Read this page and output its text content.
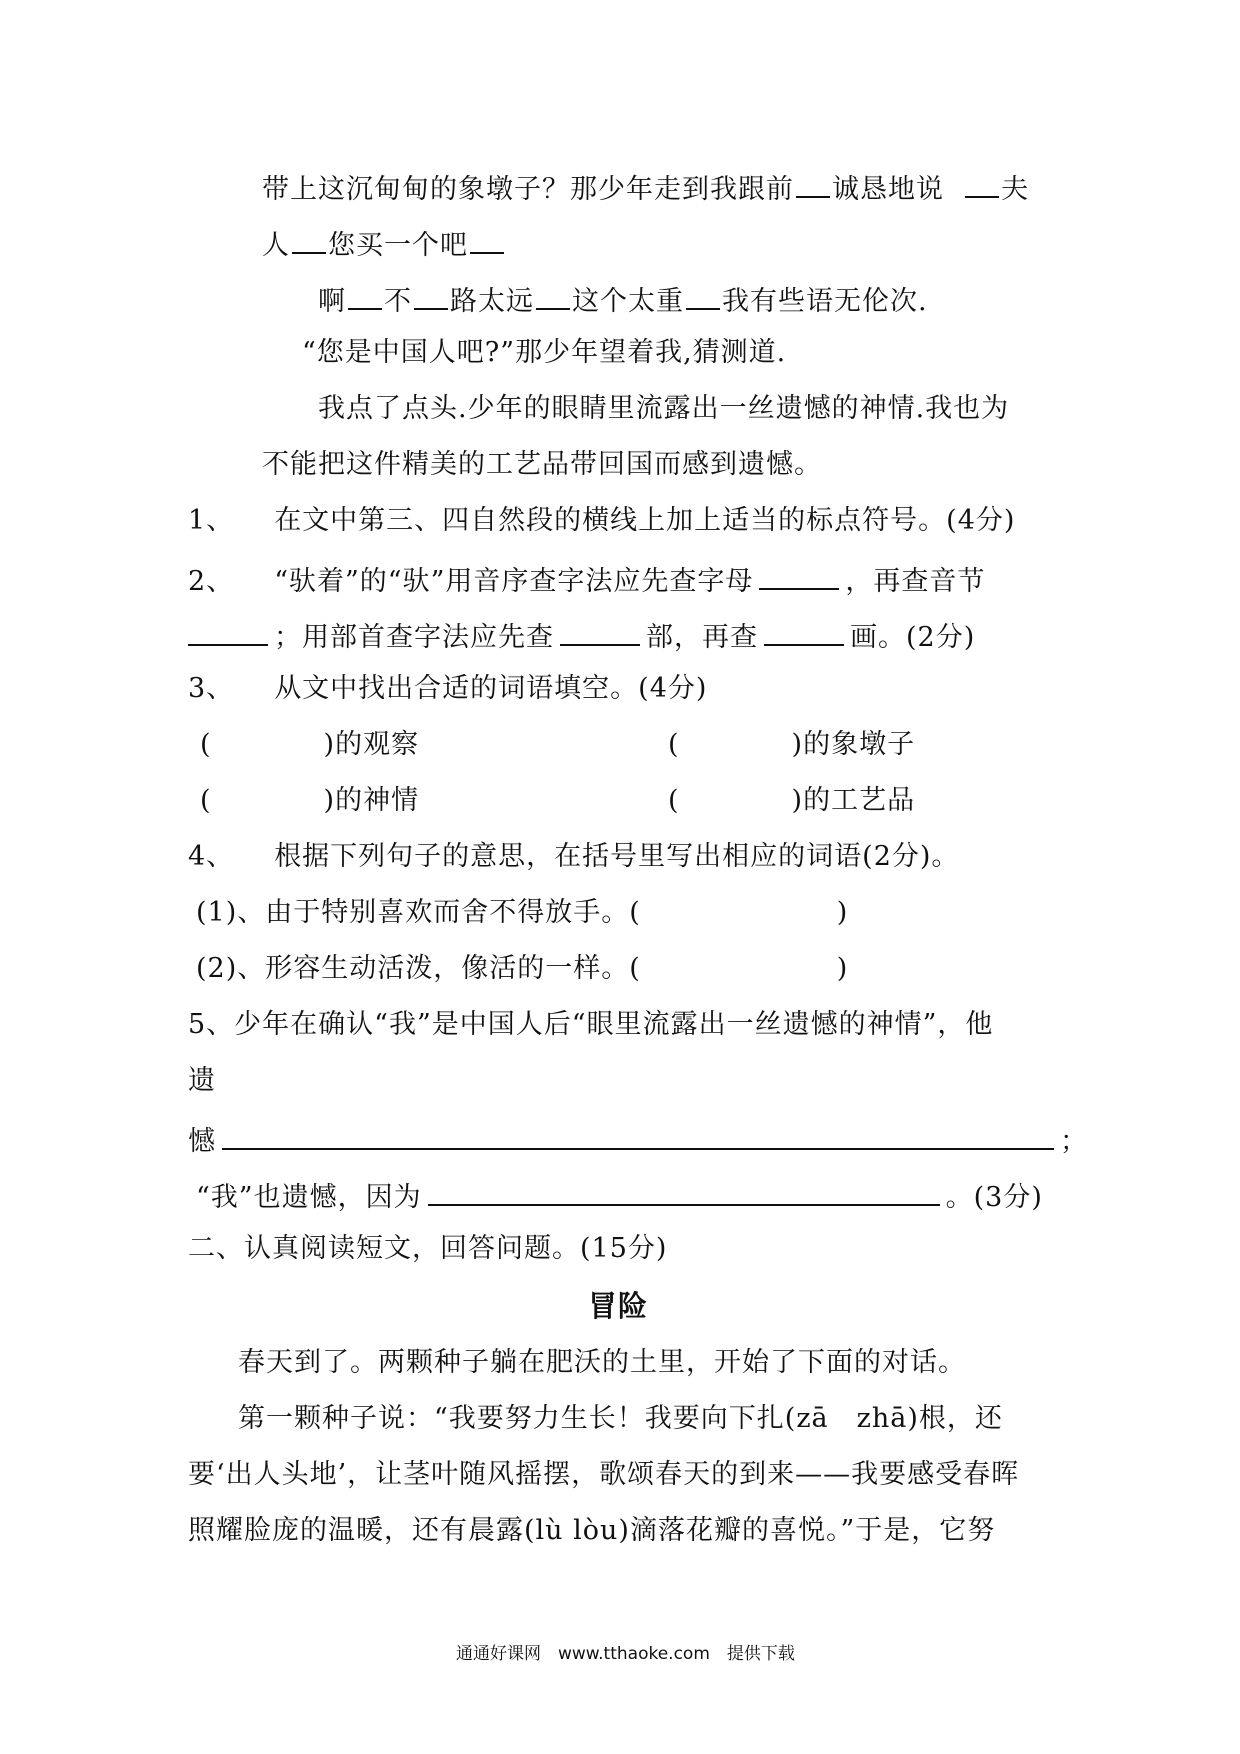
带上这沉甸甸的象墩子？那少年走到我跟前 诚恳地说 夫
人 您买一个吧
啊 不 路太远 这个太重 我有些语无伦次.
“您是中国人吧?”那少年望着我,猜测道.
我点了点头.少年的眼睛里流露出一丝遗憾的神情.我也为
不能把这件精美的工艺品带回国而感到遗憾。
1、 在文中第三、四自然段的横线上加上适当的标点符号。(4分)
2、 “驮着”的“驮”用音序查字法应先查字母	，再查音节
；用部首查字法应先查	部，再查	画。(2分)
3、 从文中找出合适的词语填空。(4分)
(　　　　)的观察	(　　　　)的象墩子
(　　　　)的神情	(　　　　)的工艺品
4、 根据下列句子的意思，在括号里写出相应的词语(2分)。
(1)、由于特别喜欢而舍不得放手。(　　　　　　　)
(2)、形容生动活泼，像活的一样。(　　　　　　　)
5、少年在确认“我”是中国人后“眼里流露出一丝遗憾的神情”，他
遗
憾	；
“我”也遗憾，因为	。(3分)
二、认真阅读短文，回答问题。(15分)
冒险
春天到了。两颗种子躺在肥沃的土里，开始了下面的对话。
第一颗种子说：“我要努力生长！我要向下扎(zā　zhā)根，还
要‘出人头地’，让茎叶随风摇摆，歌颂春天的到来——我要感受春晖
照耀脸庞的温暖，还有晨露(lù lòu)滴落花瓣的喜悦。”于是，它努
通通好课网　www.tthaoke.com　提供下载
